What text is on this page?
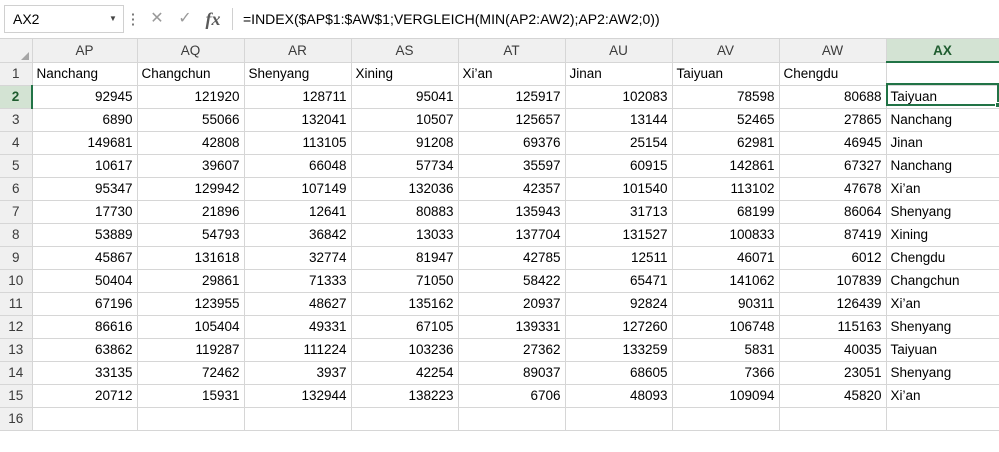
AX2	▼ ⋮ ✕ ✓ fx	=INDEX($AP$1:$AW$1;VERGLEICH(MIN(AP2:AW2);AP2:AW2;0))
	AP	AQ	AR	AS	AT	AU	AV	AW	AX
1	Nanchang	Changchun	Shenyang	Xining	Xi’an	Jinan	Taiyuan	Chengdu	
2	92945	121920	128711	95041	125917	102083	78598	80688	Taiyuan
3	6890	55066	132041	10507	125657	13144	52465	27865	Nanchang
4	149681	42808	113105	91208	69376	25154	62981	46945	Jinan
5	10617	39607	66048	57734	35597	60915	142861	67327	Nanchang
6	95347	129942	107149	132036	42357	101540	113102	47678	Xi’an
7	17730	21896	12641	80883	135943	31713	68199	86064	Shenyang
8	53889	54793	36842	13033	137704	131527	100833	87419	Xining
9	45867	131618	32774	81947	42785	12511	46071	6012	Chengdu
10	50404	29861	71333	71050	58422	65471	141062	107839	Changchun
11	67196	123955	48627	135162	20937	92824	90311	126439	Xi’an
12	86616	105404	49331	67105	139331	127260	106748	115163	Shenyang
13	63862	119287	111224	103236	27362	133259	5831	40035	Taiyuan
14	33135	72462	3937	42254	89037	68605	7366	23051	Shenyang
15	20712	15931	132944	138223	6706	48093	109094	45820	Xi’an
16									
